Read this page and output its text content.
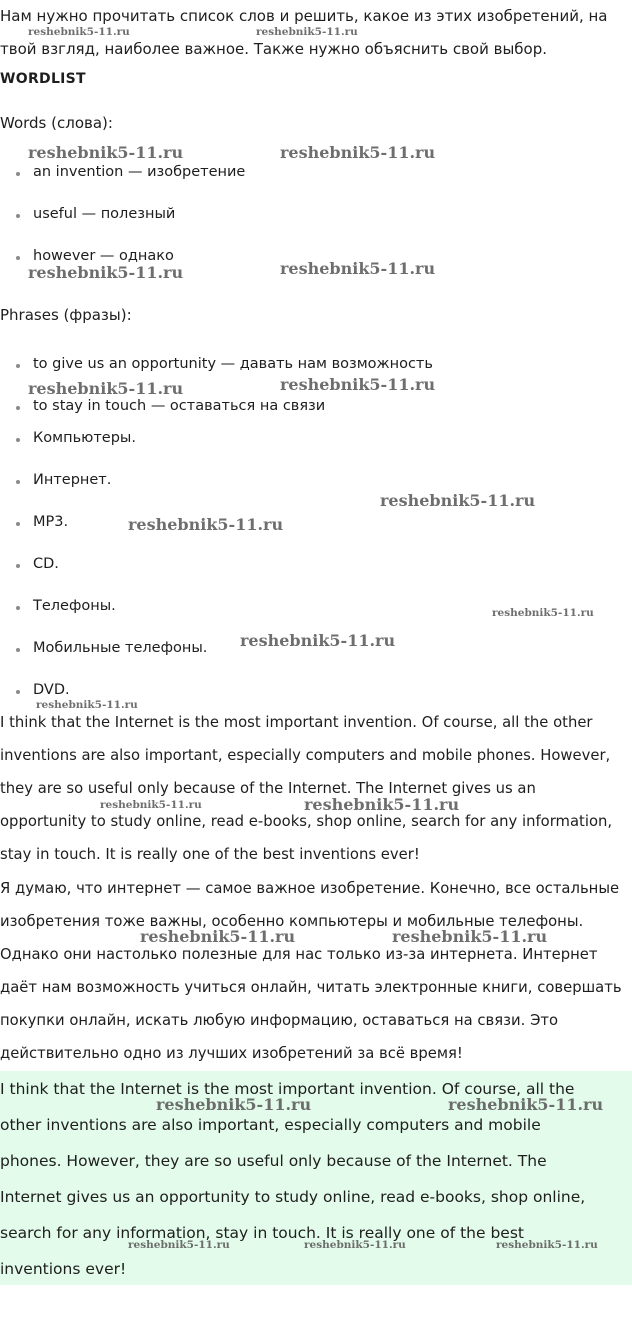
Нам нужно прочитать список слов и решить, какое из этих изобретений, на
твой взгляд, наиболее важное. Также нужно объяснить свой выбор.
WORDLIST
Words (слова):
an invention — изобретение
useful — полезный
however — однако
Phrases (фразы):
to give us an opportunity — давать нам возможность
to stay in touch — оставаться на связи
Компьютеры.
Интернет.
MP3.
CD.
Телефоны.
Мобильные телефоны.
DVD.
I think that the Internet is the most important invention. Of course, all the other
inventions are also important, especially computers and mobile phones. However,
they are so useful only because of the Internet. The Internet gives us an
opportunity to study online, read e-books, shop online, search for any information,
stay in touch. It is really one of the best inventions ever!
Я думаю, что интернет — самое важное изобретение. Конечно, все остальные
изобретения тоже важны, особенно компьютеры и мобильные телефоны.
Однако они настолько полезные для нас только из-за интернета. Интернет
даёт нам возможность учиться онлайн, читать электронные книги, совершать
покупки онлайн, искать любую информацию, оставаться на связи. Это
действительно одно из лучших изобретений за всё время!
I think that the Internet is the most important invention. Of course, all the
other inventions are also important, especially computers and mobile
phones. However, they are so useful only because of the Internet. The
Internet gives us an opportunity to study online, read e-books, shop online,
search for any information, stay in touch. It is really one of the best
inventions ever!
reshebnik5-11.ru	reshebnik5-11.ru
reshebnik5-11.ru	reshebnik5-11.ru
reshebnik5-11.ru	reshebnik5-11.ru
reshebnik5-11.ru	reshebnik5-11.ru
reshebnik5-11.ru
reshebnik5-11.ru
reshebnik5-11.ru
reshebnik5-11.ru
reshebnik5-11.ru
reshebnik5-11.ru	reshebnik5-11.ru
reshebnik5-11.ru	reshebnik5-11.ru
reshebnik5-11.ru	reshebnik5-11.ru
reshebnik5-11.ru	reshebnik5-11.ru	reshebnik5-11.ru
